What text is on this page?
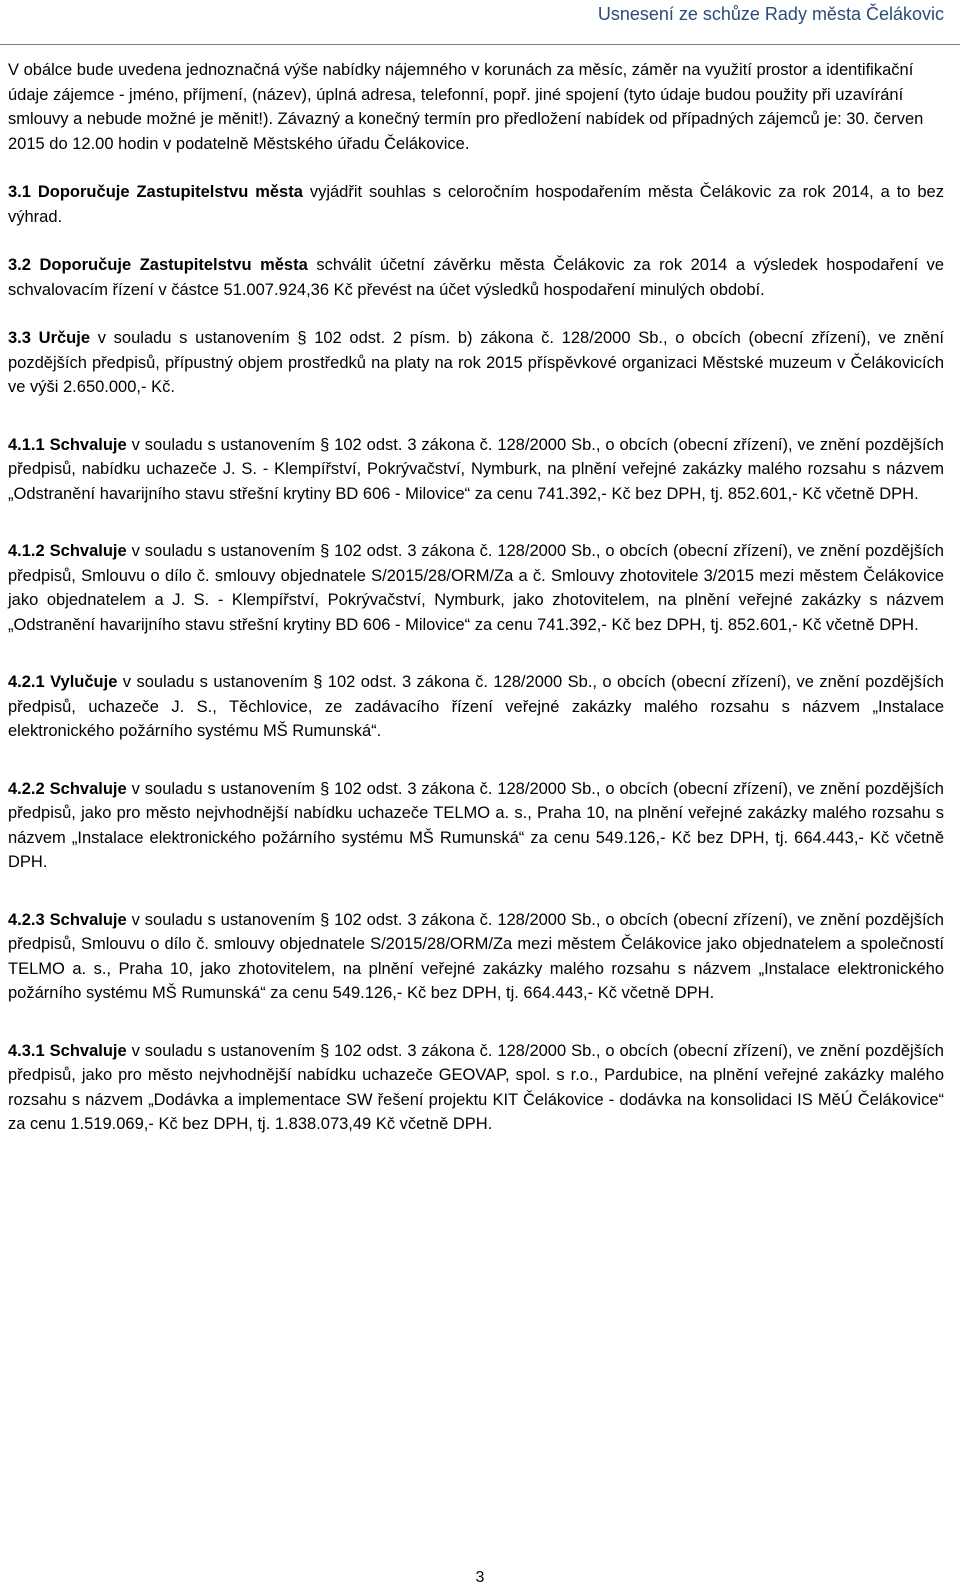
Usnesení ze schůze Rady města Čelákovic

V obálce bude uvedena jednoznačná výše nabídky nájemného v korunách za měsíc, záměr na využití prostor a identifikační údaje zájemce - jméno, příjmení, (název), úplná adresa, telefonní, popř. jiné spojení (tyto údaje budou použity při uzavírání smlouvy a nebude možné je měnit!). Závazný a konečný termín pro předložení nabídek od případných zájemců je: 30. červen 2015 do 12.00 hodin v podatelně Městského úřadu Čelákovice.

3.1 Doporučuje Zastupitelstvu města vyjádřit souhlas s celoročním hospodařením města Čelákovic za rok 2014, a to bez výhrad.

3.2 Doporučuje Zastupitelstvu města schválit účetní závěrku města Čelákovic za rok 2014 a výsledek hospodaření ve schvalovacím řízení v částce 51.007.924,36 Kč převést na účet výsledků hospodaření minulých období.

3.3 Určuje v souladu s ustanovením § 102 odst. 2 písm. b) zákona č. 128/2000 Sb., o obcích (obecní zřízení), ve znění pozdějších předpisů, přípustný objem prostředků na platy na rok 2015 příspěvkové organizaci Městské muzeum v Čelákovicích ve výši 2.650.000,- Kč.

4.1.1 Schvaluje v souladu s ustanovením § 102 odst. 3 zákona č. 128/2000 Sb., o obcích (obecní zřízení), ve znění pozdějších předpisů, nabídku uchazeče J. S. - Klempířství, Pokrývačství, Nymburk, na plnění veřejné zakázky malého rozsahu s názvem „Odstranění havarijního stavu střešní krytiny BD 606 - Milovice“ za cenu 741.392,- Kč bez DPH, tj. 852.601,- Kč včetně DPH.

4.1.2 Schvaluje v souladu s ustanovením § 102 odst. 3 zákona č. 128/2000 Sb., o obcích (obecní zřízení), ve znění pozdějších předpisů, Smlouvu o dílo č. smlouvy objednatele S/2015/28/ORM/Za a č. Smlouvy zhotovitele 3/2015 mezi městem Čelákovice jako objednatelem a J. S. - Klempířství, Pokrývačství, Nymburk, jako zhotovitelem, na plnění veřejné zakázky s názvem „Odstranění havarijního stavu střešní krytiny BD 606 - Milovice“ za cenu 741.392,- Kč bez DPH, tj. 852.601,- Kč včetně DPH.

4.2.1 Vylučuje v souladu s ustanovením § 102 odst. 3 zákona č. 128/2000 Sb., o obcích (obecní zřízení), ve znění pozdějších předpisů, uchazeče J. S., Těchlovice, ze zadávacího řízení veřejné zakázky malého rozsahu s názvem „Instalace elektronického požárního systému MŠ Rumunská“.

4.2.2 Schvaluje v souladu s ustanovením § 102 odst. 3 zákona č. 128/2000 Sb., o obcích (obecní zřízení), ve znění pozdějších předpisů, jako pro město nejvhodnější nabídku uchazeče TELMO a. s., Praha 10, na plnění veřejné zakázky malého rozsahu s názvem „Instalace elektronického požárního systému MŠ Rumunská“ za cenu 549.126,- Kč bez DPH, tj. 664.443,- Kč včetně DPH.

4.2.3 Schvaluje v souladu s ustanovením § 102 odst. 3 zákona č. 128/2000 Sb., o obcích (obecní zřízení), ve znění pozdějších předpisů, Smlouvu o dílo č. smlouvy objednatele S/2015/28/ORM/Za mezi městem Čelákovice jako objednatelem a společností TELMO a. s., Praha 10, jako zhotovitelem, na plnění veřejné zakázky malého rozsahu s názvem „Instalace elektronického požárního systému MŠ Rumunská“ za cenu 549.126,- Kč bez DPH, tj. 664.443,- Kč včetně DPH.

4.3.1 Schvaluje v souladu s ustanovením § 102 odst. 3 zákona č. 128/2000 Sb., o obcích (obecní zřízení), ve znění pozdějších předpisů, jako pro město nejvhodnější nabídku uchazeče GEOVAP, spol. s r.o., Pardubice, na plnění veřejné zakázky malého rozsahu s názvem „Dodávka a implementace SW řešení projektu KIT Čelákovice - dodávka na konsolidaci IS MěÚ Čelákovice“ za cenu 1.519.069,- Kč bez DPH, tj. 1.838.073,49 Kč včetně DPH.

3
